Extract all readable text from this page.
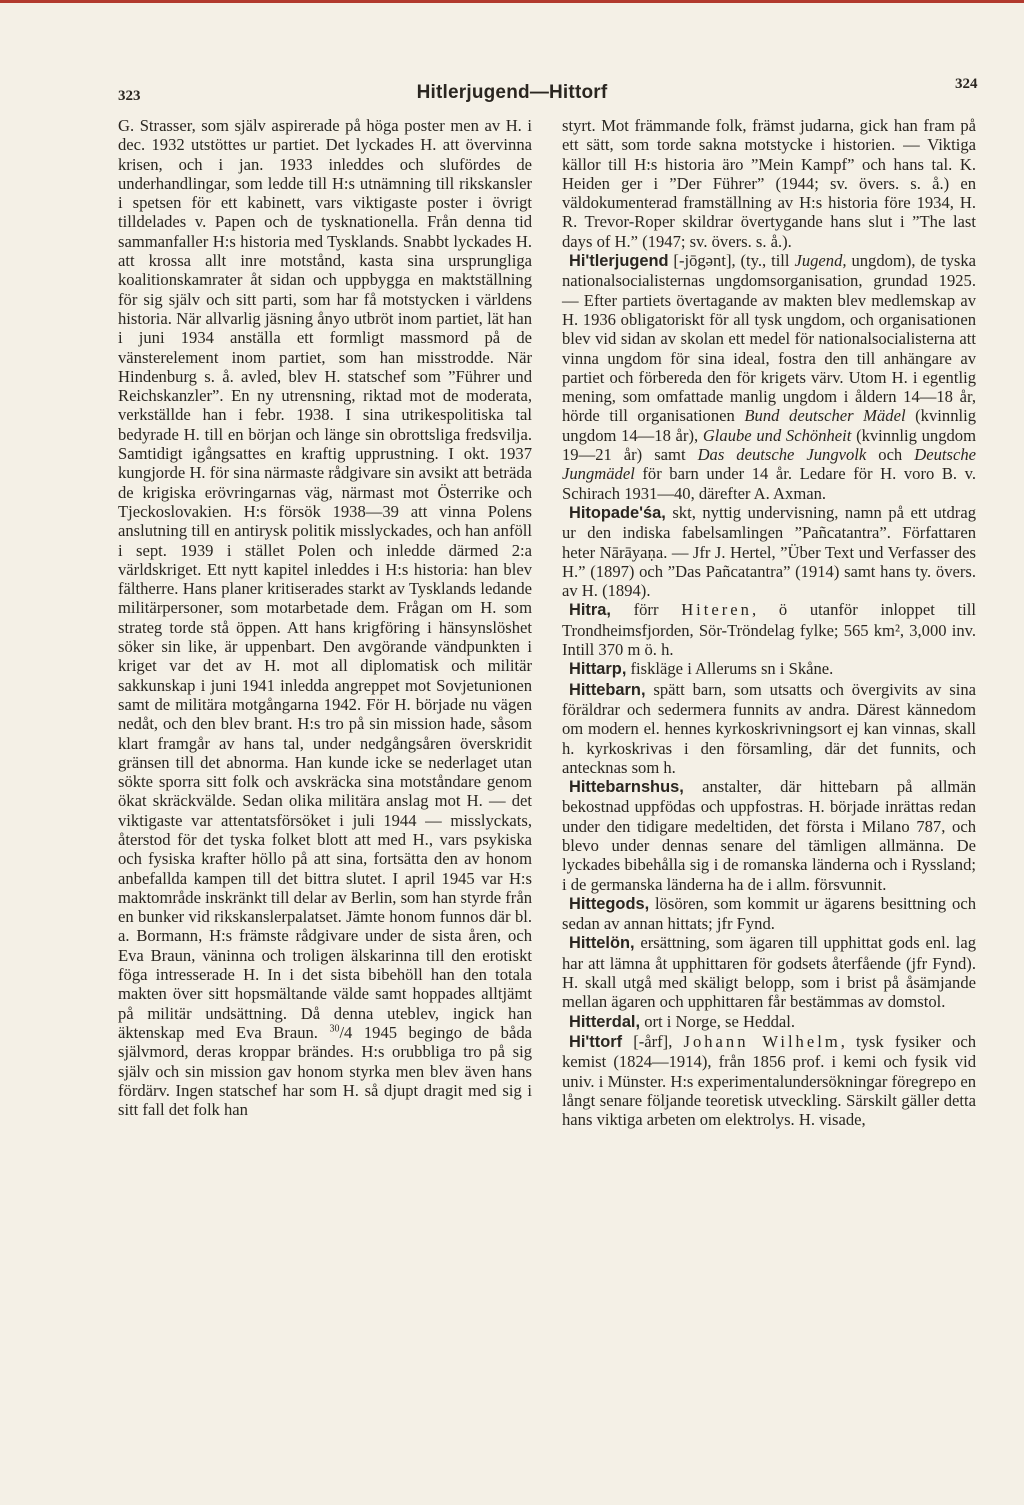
323	Hitlerjugend—Hittorf	324

G. Strasser, som själv aspirerade på höga poster men av H. i dec. 1932 utstöttes ur partiet. Det lyckades H. att övervinna krisen, och i jan. 1933 inleddes och slufördes de underhandlingar, som ledde till H:s utnämning till rikskansler i spetsen för ett kabinett, vars viktigaste poster i övrigt tilldelades v. Papen och de tysknationella. Från denna tid sammanfaller H:s historia med Tysklands. Snabbt lyckades H. att krossa allt inre motstånd, kasta sina ursprungliga koalitionskamrater åt sidan och uppbygga en maktställning för sig själv och sitt parti, som har få motstycken i världens historia. När allvarlig jäsning ånyo utbröt inom partiet, lät han i juni 1934 anställa ett formligt massmord på de vänsterelement inom partiet, som han misstrodde. När Hindenburg s. å. avled, blev H. statschef som ”Führer und Reichskanzler”. En ny utrensning, riktad mot de moderata, verkställde han i febr. 1938. I sina utrikespolitiska tal bedyrade H. till en början och länge sin obrottsliga fredsvilja. Samtidigt igångsattes en kraftig upprustning. I okt. 1937 kungjorde H. för sina närmaste rådgivare sin avsikt att beträda de krigiska erövringarnas väg, närmast mot Österrike och Tjeckoslovakien. H:s försök 1938—39 att vinna Polens anslutning till en antirysk politik misslyckades, och han anföll i sept. 1939 i stället Polen och inledde därmed 2:a världskriget. Ett nytt kapitel inleddes i H:s historia: han blev fältherre. Hans planer kritiserades starkt av Tysklands ledande militärpersoner, som motarbetade dem. Frågan om H. som strateg torde stå öppen. Att hans krigföring i hänsynslöshet söker sin like, är uppenbart. Den avgörande vändpunkten i kriget var det av H. mot all diplomatisk och militär sakkunskap i juni 1941 inledda angreppet mot Sovjetunionen samt de militära motgångarna 1942. För H. började nu vägen nedåt, och den blev brant. H:s tro på sin mission hade, såsom klart framgår av hans tal, under nedgångsåren överskridit gränsen till det abnorma. Han kunde icke se nederlaget utan sökte sporra sitt folk och avskräcka sina motståndare genom ökat skräckvälde. Sedan olika militära anslag mot H. — det viktigaste var attentatsförsöket i juli 1944 — misslyckats, återstod för det tyska folket blott att med H., vars psykiska och fysiska krafter höllo på att sina, fortsätta den av honom anbefallda kampen till det bittra slutet. I april 1945 var H:s maktområde inskränkt till delar av Berlin, som han styrde från en bunker vid rikskanslerpalatset. Jämte honom funnos där bl. a. Bormann, H:s främste rådgivare under de sista åren, och Eva Braun, väninna och troligen älskarinna till den erotiskt föga intresserade H. In i det sista bibehöll han den totala makten över sitt hopsmältande välde samt hoppades alltjämt på militär undsättning. Då denna uteblev, ingick han äktenskap med Eva Braun. $^{30}$/4 1945 begingo de båda självmord, deras kroppar brändes. H:s orubbliga tro på sig själv och sin mission gav honom styrka men blev även hans fördärv. Ingen statschef har som H. så djupt dragit med sig i sitt fall det folk han

styrt. Mot främmande folk, främst judarna, gick han fram på ett sätt, som torde sakna motstycke i historien. — Viktiga källor till H:s historia äro ”Mein Kampf” och hans tal. K. Heiden ger i ”Der Führer” (1944; sv. övers. s. å.) en väldokumenterad framställning av H:s historia före 1934, H. R. Trevor-Roper skildrar övertygande hans slut i ”The last days of H.” (1947; sv. övers. s. å.).

Hi'tlerjugend [-jōgənt], (ty., till Jugend, ungdom), de tyska nationalsocialisternas ungdomsorganisation, grundad 1925. — Efter partiets övertagande av makten blev medlemskap av H. 1936 obligatoriskt för all tysk ungdom, och organisationen blev vid sidan av skolan ett medel för nationalsocialisterna att vinna ungdom för sina ideal, fostra den till anhängare av partiet och förbereda den för krigets värv. Utom H. i egentlig mening, som omfattade manlig ungdom i åldern 14—18 år, hörde till organisationen Bund deutscher Mädel (kvinnlig ungdom 14—18 år), Glaube und Schönheit (kvinnlig ungdom 19—21 år) samt Das deutsche Jungvolk och Deutsche Jungmädel för barn under 14 år. Ledare för H. voro B. v. Schirach 1931—40, därefter A. Axman.

Hitopade'śa, skt, nyttig undervisning, namn på ett utdrag ur den indiska fabelsamlingen ”Pañcatantra”. Författaren heter Nārāyaṇa. — Jfr J. Hertel, ”Über Text und Verfasser des H.” (1897) och ”Das Pañcatantra” (1914) samt hans ty. övers. av H. (1894).

Hitra, förr Hiteren, ö utanför inloppet till Trondheimsfjorden, Sör-Tröndelag fylke; 565 km², 3,000 inv. Intill 370 m ö. h.

Hittarp, fiskläge i Allerums sn i Skåne.

Hittebarn, spätt barn, som utsatts och övergivits av sina föräldrar och sedermera funnits av andra. Därest kännedom om modern el. hennes kyrkoskrivningsort ej kan vinnas, skall h. kyrkoskrivas i den församling, där det funnits, och antecknas som h.

Hittebarnshus, anstalter, där hittebarn på allmän bekostnad uppfödas och uppfostras. H. började inrättas redan under den tidigare medeltiden, det första i Milano 787, och blevo under dennas senare del tämligen allmänna. De lyckades bibehålla sig i de romanska länderna och i Ryssland; i de germanska länderna ha de i allm. försvunnit.

Hittegods, lösören, som kommit ur ägarens besittning och sedan av annan hittats; jfr Fynd.

Hittelön, ersättning, som ägaren till upphittat gods enl. lag har att lämna åt upphittaren för godsets återfående (jfr Fynd). H. skall utgå med skäligt belopp, som i brist på åsämjande mellan ägaren och upphittaren får bestämmas av domstol.

Hitterdal, ort i Norge, se Heddal.

Hi'ttorf [-årf], Johann Wilhelm, tysk fysiker och kemist (1824—1914), från 1856 prof. i kemi och fysik vid univ. i Münster. H:s experimentalundersökningar föregrepo en långt senare följande teoretisk utveckling. Särskilt gäller detta hans viktiga arbeten om elektrolys. H. visade,
